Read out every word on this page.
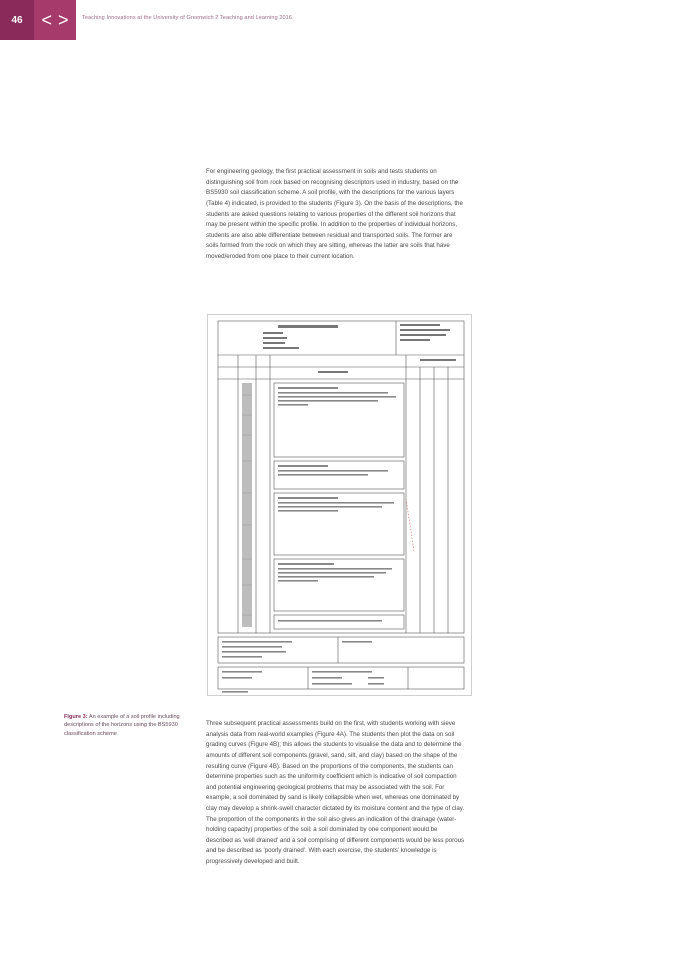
46	< > Teaching Innovations at the University of Greenwich 2 Teaching and Learning 2016

For engineering geology, the first practical assessment in soils and tests students on distinguishing soil from rock based on recognising descriptors used in industry, based on the BS5930 soil classification scheme. A soil profile, with the descriptions for the various layers (Table 4) indicated, is provided to the students (Figure 3). On the basis of the descriptions, the students are asked questions relating to various properties of the different soil horizons that may be present within the specific profile. In addition to the properties of individual horizons, students are also able differentiate between residual and transported soils. The former are soils formed from the rock on which they are sitting, whereas the latter are soils that have moved/eroded from one place to their current location.

Figure 3: An example of a soil profile including descriptions of the horizons using the BS5930 classification scheme

Three subsequent practical assessments build on the first, with students working with sieve analysis data from real-world examples (Figure 4A). The students then plot the data on soil grading curves (Figure 4B); this allows the students to visualise the data and to determine the amounts of different soil components (gravel, sand, silt, and clay) based on the shape of the resulting curve (Figure 4B). Based on the proportions of the components, the students can determine properties such as the uniformity coefficient which is indicative of soil compaction and potential engineering geological problems that may be associated with the soil. For example, a soil dominated by sand is likely collapsible when wet, whereas one dominated by clay may develop a shrink-swell character dictated by its moisture content and the type of clay. The proportion of the components in the soil also gives an indication of the drainage (water-holding capacity) properties of the soil; a soil dominated by one component would be described as 'well drained' and a soil comprising of different components would be less porous and be described as 'poorly drained'. With each exercise, the students' knowledge is progressively developed and built.
